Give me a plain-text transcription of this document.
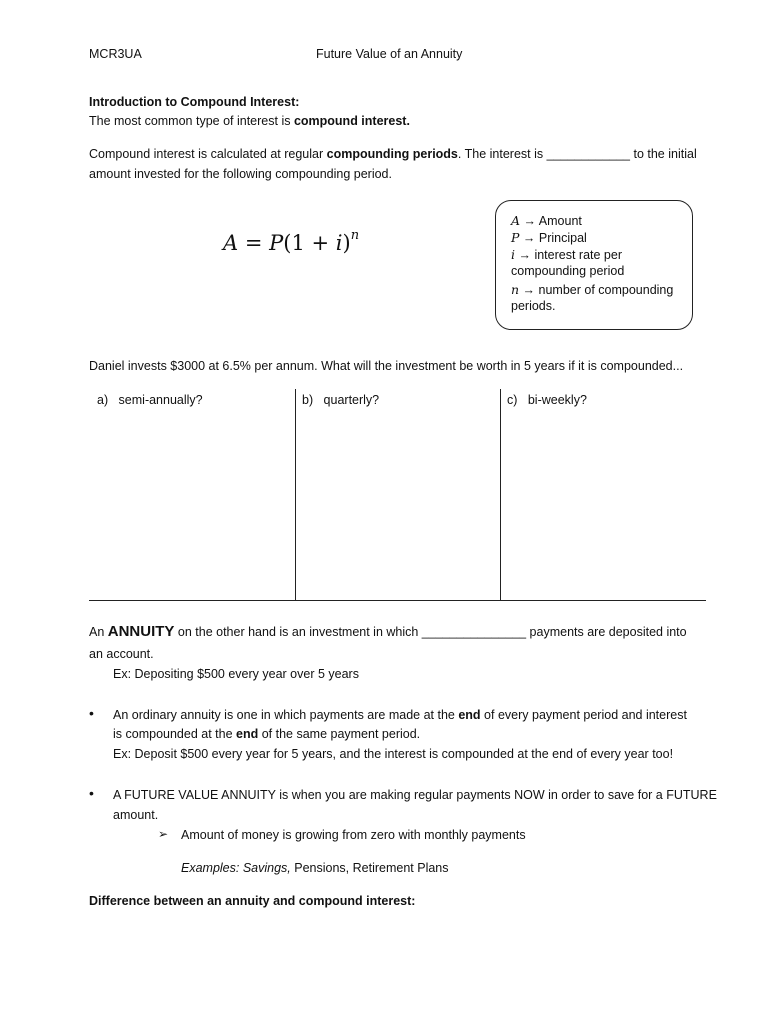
MCR3UA	Future Value of an Annuity
Introduction to Compound Interest:
The most common type of interest is compound interest.
Compound interest is calculated at regular compounding periods. The interest is ____________ to the initial
amount invested for the following compounding period.
$A = P(1 + i)^n$
A → Amount
P → Principal
i → interest rate per
compounding period
n → number of compounding
periods.
Daniel invests $3000 at 6.5% per annum. What will the investment be worth in 5 years if it is compounded...
a) semi-annually?	b) quarterly?	c) bi-weekly?
An ANNUITY on the other hand is an investment in which _______________ payments are deposited into
an account.
Ex: Depositing $500 every year over 5 years
• An ordinary annuity is one in which payments are made at the end of every payment period and interest
is compounded at the end of the same payment period.
Ex: Deposit $500 every year for 5 years, and the interest is compounded at the end of every year too!
• A FUTURE VALUE ANNUITY is when you are making regular payments NOW in order to save for a FUTURE
amount.
➢ Amount of money is growing from zero with monthly payments
Examples: Savings, Pensions, Retirement Plans
Difference between an annuity and compound interest:
